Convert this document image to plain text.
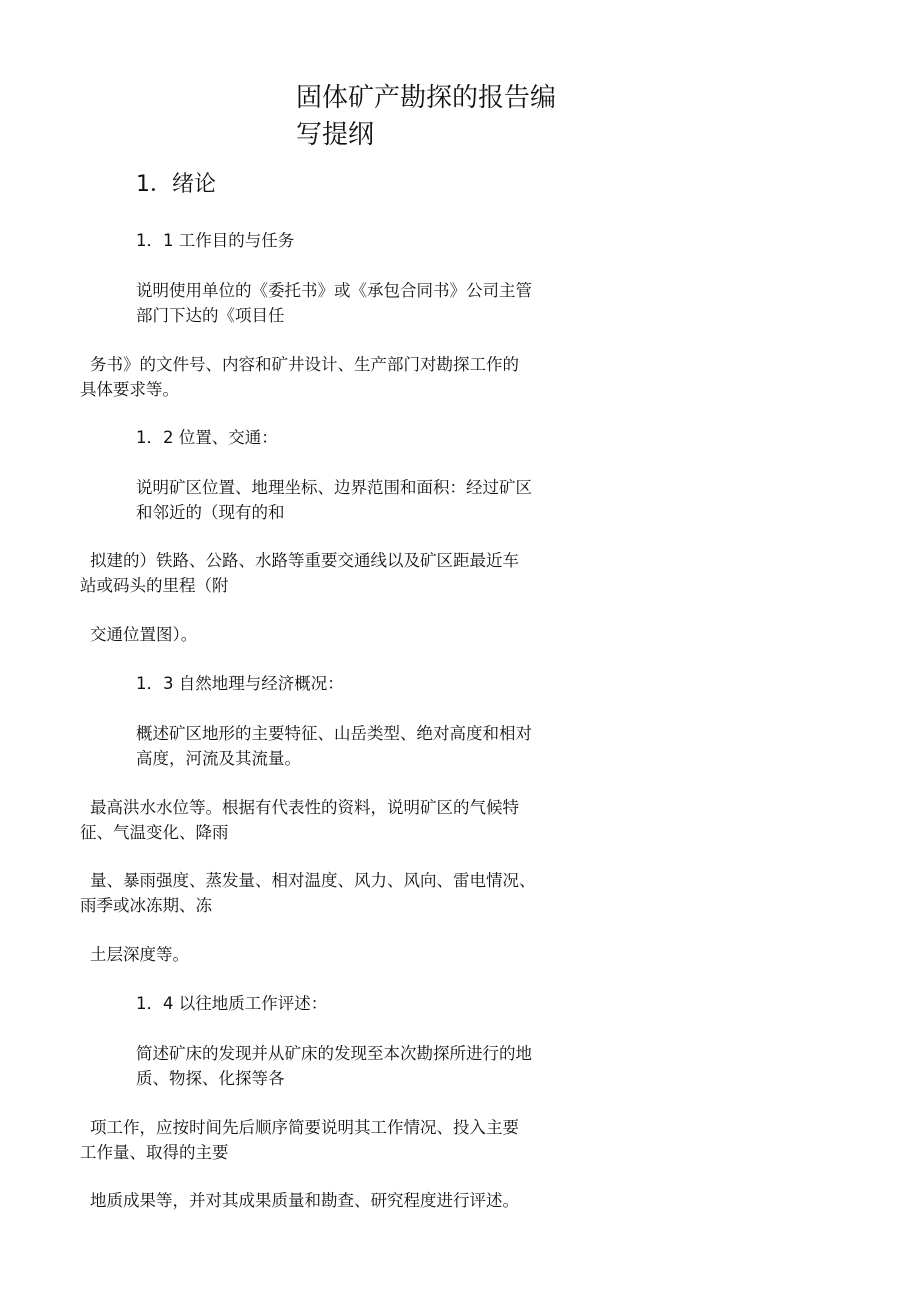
固体矿产勘探的报告编
写提纲
1．绪论
1．1 工作目的与任务

说明使用单位的《委托书》或《承包合同书》公司主管
部门下达的《项目任

务书》的文件号、内容和矿井设计、生产部门对勘探工作的
具体要求等。

1．2 位置、交通：

说明矿区位置、地理坐标、边界范围和面积：经过矿区
和邻近的（现有的和

拟建的）铁路、公路、水路等重要交通线以及矿区距最近车
站或码头的里程（附

交通位置图）。

1．3 自然地理与经济概况：

概述矿区地形的主要特征、山岳类型、绝对高度和相对
高度，河流及其流量。

最高洪水水位等。根据有代表性的资料，说明矿区的气候特
征、气温变化、降雨

量、暴雨强度、蒸发量、相对温度、风力、风向、雷电情况、
雨季或冰冻期、冻

土层深度等。

1．4 以往地质工作评述：

简述矿床的发现并从矿床的发现至本次勘探所进行的地
质、物探、化探等各

项工作，应按时间先后顺序简要说明其工作情况、投入主要
工作量、取得的主要

地质成果等，并对其成果质量和勘查、研究程度进行评述。
